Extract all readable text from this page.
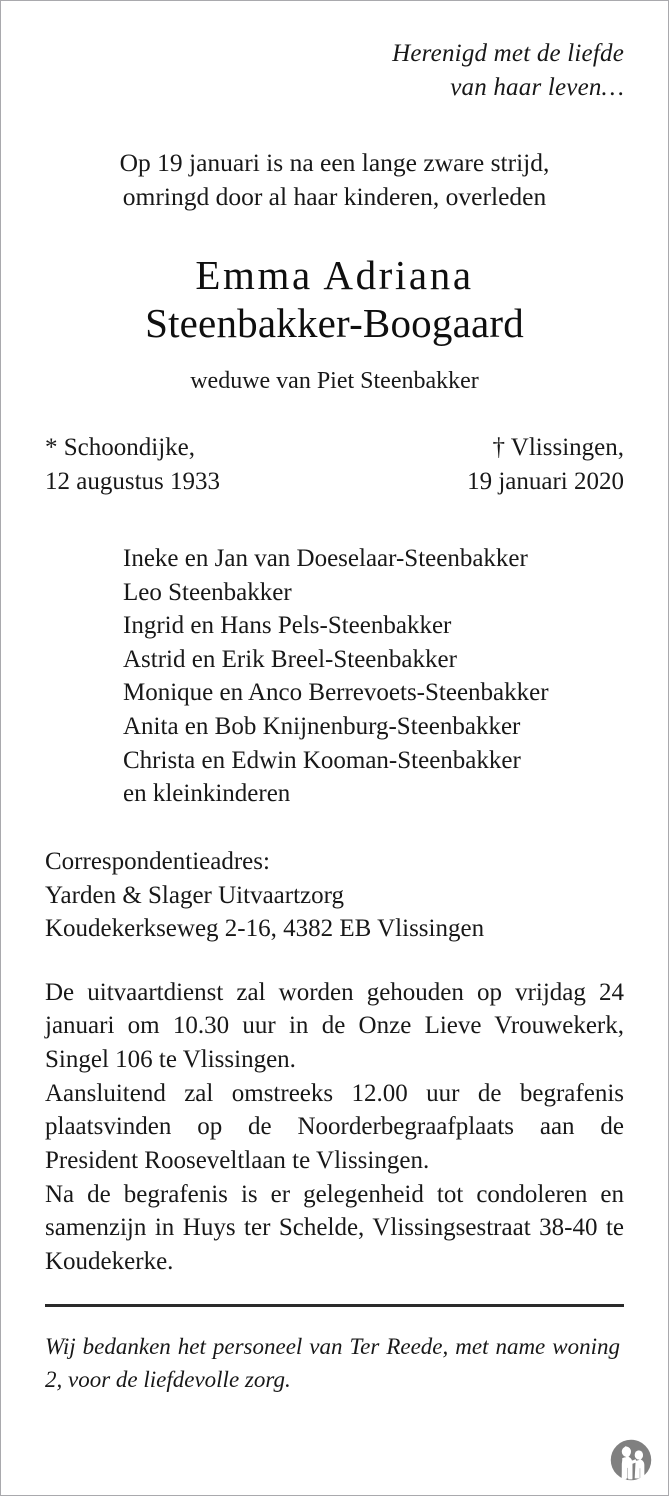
Herenigd met de liefde
van haar leven…
Op 19 januari is na een lange zware strijd,
omringd door al haar kinderen, overleden
Emma Adriana
Steenbakker-Boogaard
weduwe van Piet Steenbakker
* Schoondijke,
12 augustus 1933
† Vlissingen,
19 januari 2020
Ineke en Jan van Doeselaar-Steenbakker
Leo Steenbakker
Ingrid en Hans Pels-Steenbakker
Astrid en Erik Breel-Steenbakker
Monique en Anco Berrevoets-Steenbakker
Anita en Bob Knijnenburg-Steenbakker
Christa en Edwin Kooman-Steenbakker
en kleinkinderen
Correspondentieadres:
Yarden & Slager Uitvaartzorg
Koudekerkseweg 2-16, 4382 EB Vlissingen

De uitvaartdienst zal worden gehouden op vrijdag 24 januari om 10.30 uur in de Onze Lieve Vrouwekerk, Singel 106 te Vlissingen.

Aansluitend zal omstreeks 12.00 uur de begrafenis plaatsvinden op de Noorderbegraafplaats aan de President Rooseveltlaan te Vlissingen.

Na de begrafenis is er gelegenheid tot condoleren en samenzijn in Huys ter Schelde, Vlissingsestraat 38-40 te Koudekerke.

Wij bedanken het personeel van Ter Reede, met name woning 2, voor de liefdevolle zorg.
